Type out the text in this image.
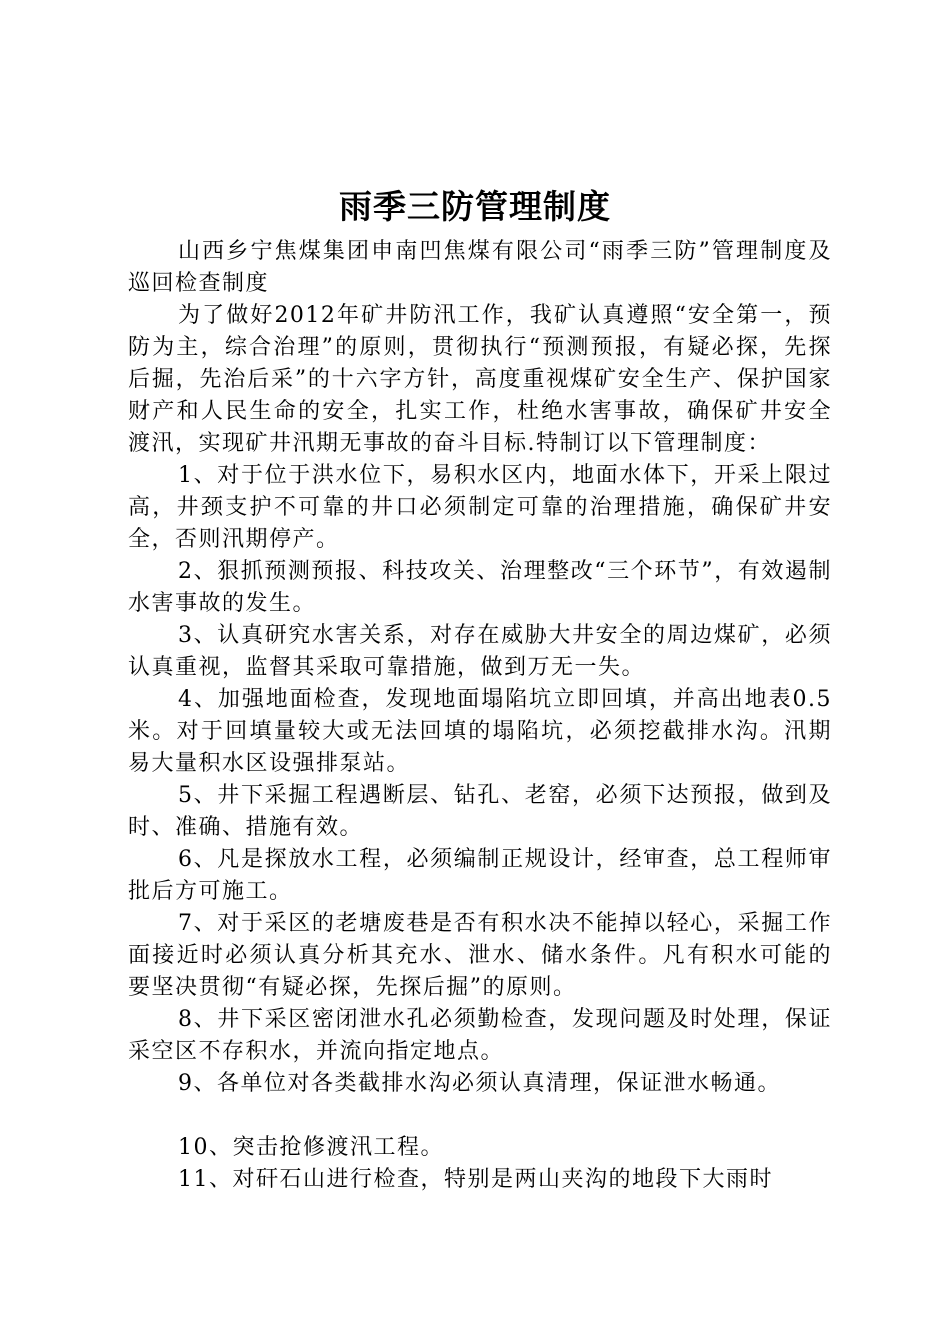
雨季三防管理制度

山西乡宁焦煤集团申南凹焦煤有限公司“雨季三防”管理制度及巡回检查制度

为了做好2012年矿井防汛工作，我矿认真遵照“安全第一，预防为主，综合治理”的原则，贯彻执行“预测预报，有疑必探，先探后掘，先治后采”的十六字方针，高度重视煤矿安全生产、保护国家财产和人民生命的安全，扎实工作，杜绝水害事故，确保矿井安全渡汛，实现矿井汛期无事故的奋斗目标.特制订以下管理制度：

1、对于位于洪水位下，易积水区内，地面水体下，开采上限过高，井颈支护不可靠的井口必须制定可靠的治理措施，确保矿井安全，否则汛期停产。

2、狠抓预测预报、科技攻关、治理整改“三个环节”，有效遏制水害事故的发生。

3、认真研究水害关系，对存在威胁大井安全的周边煤矿，必须认真重视，监督其采取可靠措施，做到万无一失。

4、加强地面检查，发现地面塌陷坑立即回填，并高出地表0.5米。对于回填量较大或无法回填的塌陷坑，必须挖截排水沟。汛期易大量积水区设强排泵站。

5、井下采掘工程遇断层、钻孔、老窑，必须下达预报，做到及时、准确、措施有效。

6、凡是探放水工程，必须编制正规设计，经审查，总工程师审批后方可施工。

7、对于采区的老塘废巷是否有积水决不能掉以轻心，采掘工作面接近时必须认真分析其充水、泄水、储水条件。凡有积水可能的要坚决贯彻“有疑必探，先探后掘”的原则。

8、井下采区密闭泄水孔必须勤检查，发现问题及时处理，保证采空区不存积水，并流向指定地点。

9、各单位对各类截排水沟必须认真清理，保证泄水畅通。

10、突击抢修渡汛工程。

11、对矸石山进行检查，特别是两山夹沟的地段下大雨时
